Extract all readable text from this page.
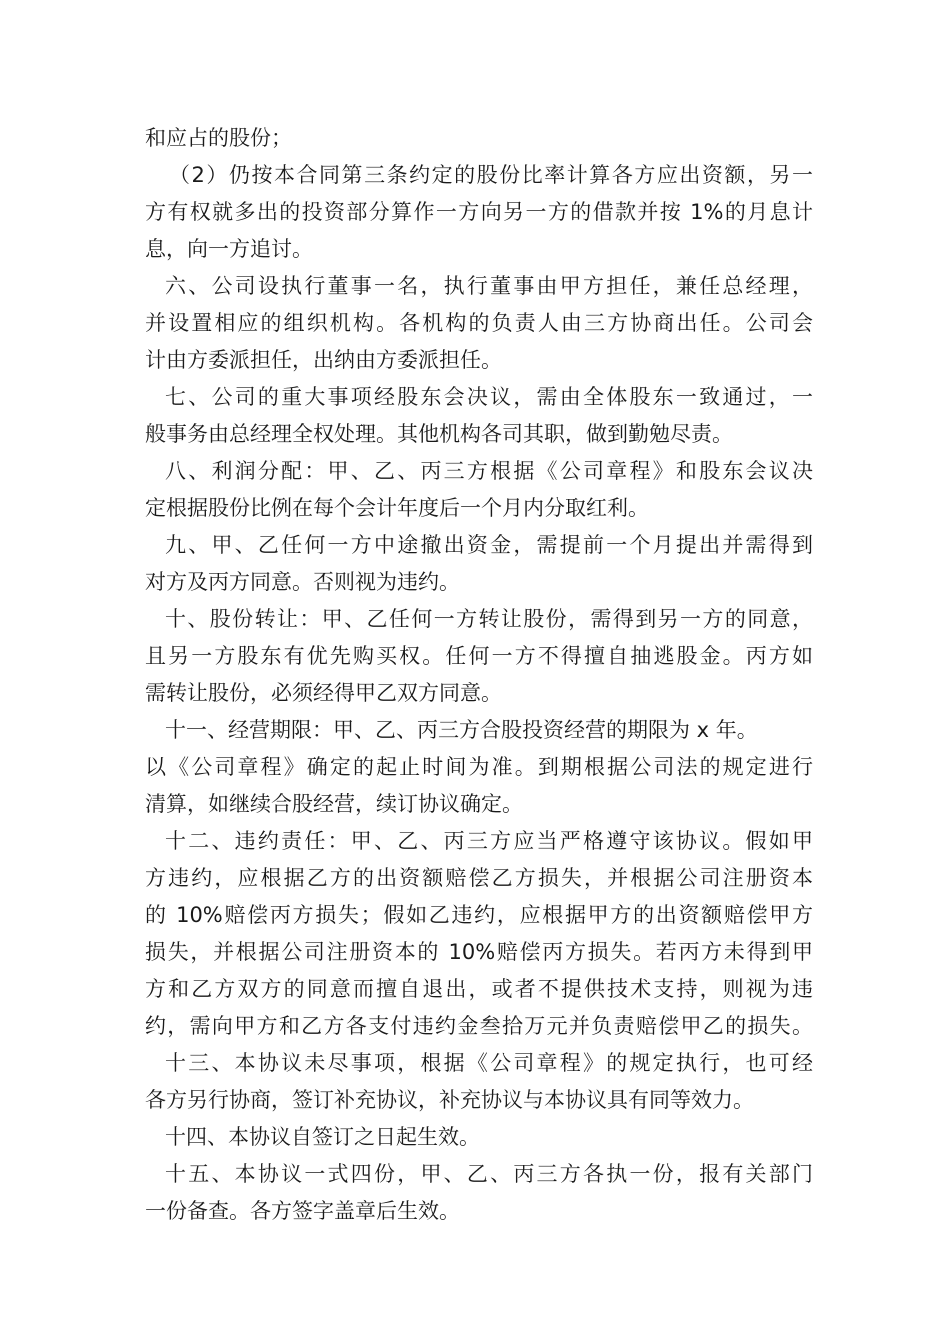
和应占的股份；
（2）仍按本合同第三条约定的股份比率计算各方应出资额，另一
方有权就多出的投资部分算作一方向另一方的借款并按 1%的月息计
息，向一方追讨。
六、公司设执行董事一名，执行董事由甲方担任，兼任总经理，
并设置相应的组织机构。各机构的负责人由三方协商出任。公司会
计由方委派担任，出纳由方委派担任。
七、公司的重大事项经股东会决议，需由全体股东一致通过，一
般事务由总经理全权处理。其他机构各司其职，做到勤勉尽责。
八、利润分配：甲、乙、丙三方根据《公司章程》和股东会议决
定根据股份比例在每个会计年度后一个月内分取红利。
九、甲、乙任何一方中途撤出资金，需提前一个月提出并需得到
对方及丙方同意。否则视为违约。
十、股份转让：甲、乙任何一方转让股份，需得到另一方的同意，
且另一方股东有优先购买权。任何一方不得擅自抽逃股金。丙方如
需转让股份，必须经得甲乙双方同意。
十一、经营期限：甲、乙、丙三方合股投资经营的期限为 x 年。
以《公司章程》确定的起止时间为准。到期根据公司法的规定进行
清算，如继续合股经营，续订协议确定。
十二、违约责任：甲、乙、丙三方应当严格遵守该协议。假如甲
方违约，应根据乙方的出资额赔偿乙方损失，并根据公司注册资本
的 10%赔偿丙方损失；假如乙违约，应根据甲方的出资额赔偿甲方
损失，并根据公司注册资本的 10%赔偿丙方损失。若丙方未得到甲
方和乙方双方的同意而擅自退出，或者不提供技术支持，则视为违
约，需向甲方和乙方各支付违约金叁拾万元并负责赔偿甲乙的损失。
十三、本协议未尽事项，根据《公司章程》的规定执行，也可经
各方另行协商，签订补充协议，补充协议与本协议具有同等效力。
十四、本协议自签订之日起生效。
十五、本协议一式四份，甲、乙、丙三方各执一份，报有关部门
一份备查。各方签字盖章后生效。
